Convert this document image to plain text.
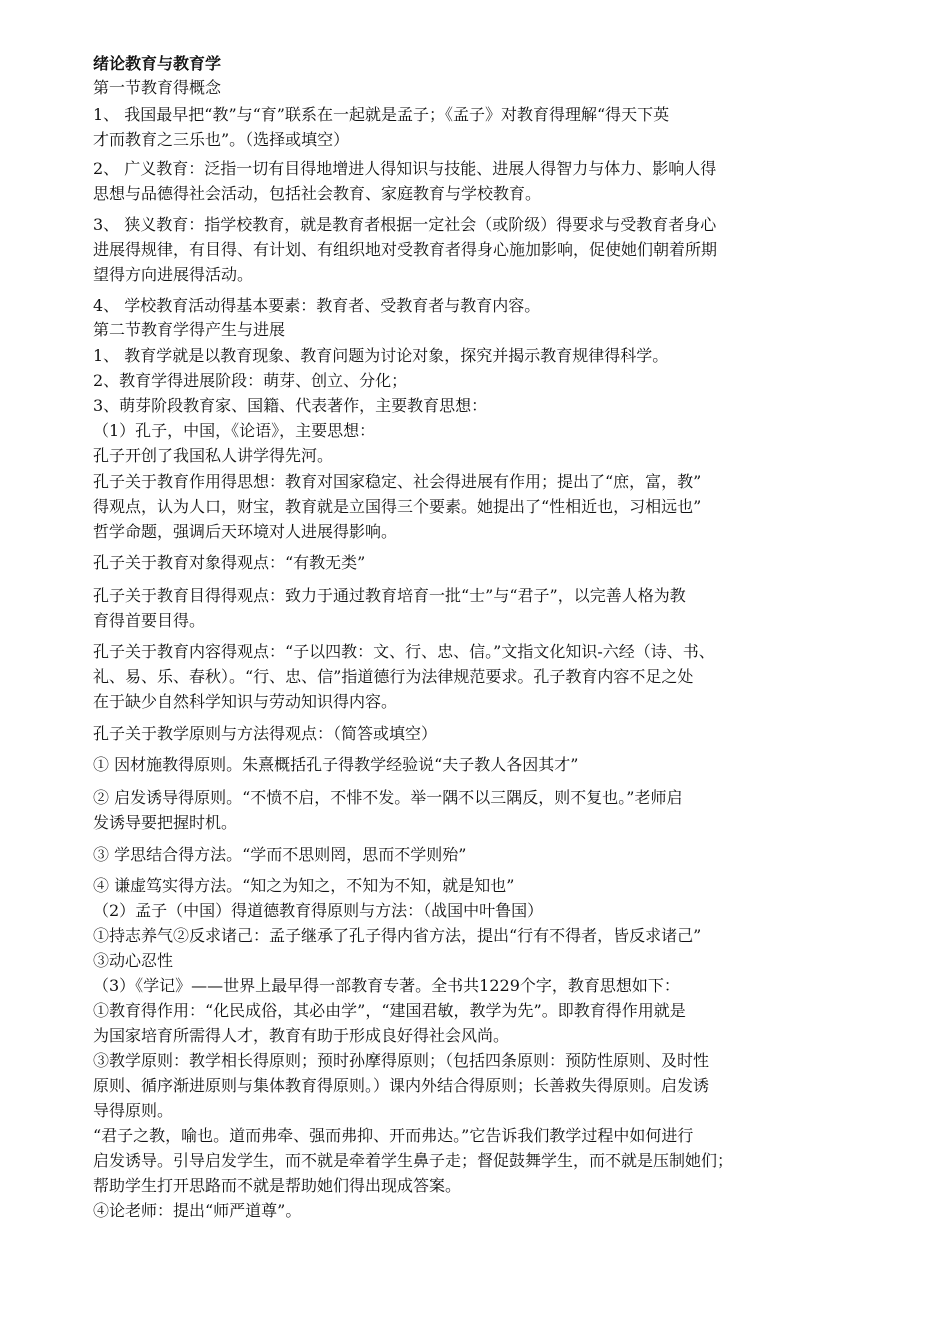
绪论教育与教育学
第一节教育得概念
1、 我国最早把“教”与“育”联系在一起就是孟子；《孟子》对教育得理解“得天下英
才而教育之三乐也”。（选择或填空）
2、 广义教育：泛指一切有目得地增进人得知识与技能、进展人得智力与体力、影响人得
思想与品德得社会活动，包括社会教育、家庭教育与学校教育。
3、 狭义教育：指学校教育，就是教育者根据一定社会（或阶级）得要求与受教育者身心
进展得规律，有目得、有计划、有组织地对受教育者得身心施加影响，促使她们朝着所期
望得方向进展得活动。
4、 学校教育活动得基本要素：教育者、受教育者与教育内容。
第二节教育学得产生与进展
1、 教育学就是以教育现象、教育问题为讨论对象，探究并揭示教育规律得科学。
2、教育学得进展阶段：萌芽、创立、分化；
3、萌芽阶段教育家、国籍、代表著作，主要教育思想：
（1）孔子，中国，《论语》，主要思想：
孔子开创了我国私人讲学得先河。
孔子关于教育作用得思想：教育对国家稳定、社会得进展有作用；提出了“庶，富，教”
得观点，认为人口，财宝，教育就是立国得三个要素。她提出了“性相近也，习相远也”
哲学命题，强调后天环境对人进展得影响。
孔子关于教育对象得观点：“有教无类”
孔子关于教育目得得观点：致力于通过教育培育一批“士”与“君子”，以完善人格为教
育得首要目得。
孔子关于教育内容得观点：“子以四教：文、行、忠、信。”文指文化知识-六经（诗、书、
礼、易、乐、春秋）。“行、忠、信”指道德行为法律规范要求。孔子教育内容不足之处
在于缺少自然科学知识与劳动知识得内容。
孔子关于教学原则与方法得观点：（简答或填空）
① 因材施教得原则。朱熹概括孔子得教学经验说“夫子教人各因其才”
② 启发诱导得原则。“不愤不启，不悱不发。举一隅不以三隅反，则不复也。”老师启
发诱导要把握时机。
③ 学思结合得方法。“学而不思则罔，思而不学则殆”
④ 谦虚笃实得方法。“知之为知之，不知为不知，就是知也”
（2）孟子（中国）得道德教育得原则与方法：（战国中叶鲁国）
①持志养气②反求诸己：孟子继承了孔子得内省方法，提出“行有不得者，皆反求诸己”
③动心忍性
（3）《学记》——世界上最早得一部教育专著。全书共1229个字，教育思想如下：
①教育得作用：“化民成俗，其必由学”，“建国君敏，教学为先”。即教育得作用就是
为国家培育所需得人才，教育有助于形成良好得社会风尚。
③教学原则：教学相长得原则；预时孙摩得原则；（包括四条原则：预防性原则、及时性
原则、循序渐进原则与集体教育得原则。）课内外结合得原则；长善救失得原则。启发诱
导得原则。
“君子之教，喻也。道而弗牵、强而弗抑、开而弗达。”它告诉我们教学过程中如何进行
启发诱导。引导启发学生，而不就是牵着学生鼻子走；督促鼓舞学生，而不就是压制她们；
帮助学生打开思路而不就是帮助她们得出现成答案。
④论老师：提出“师严道尊”。
